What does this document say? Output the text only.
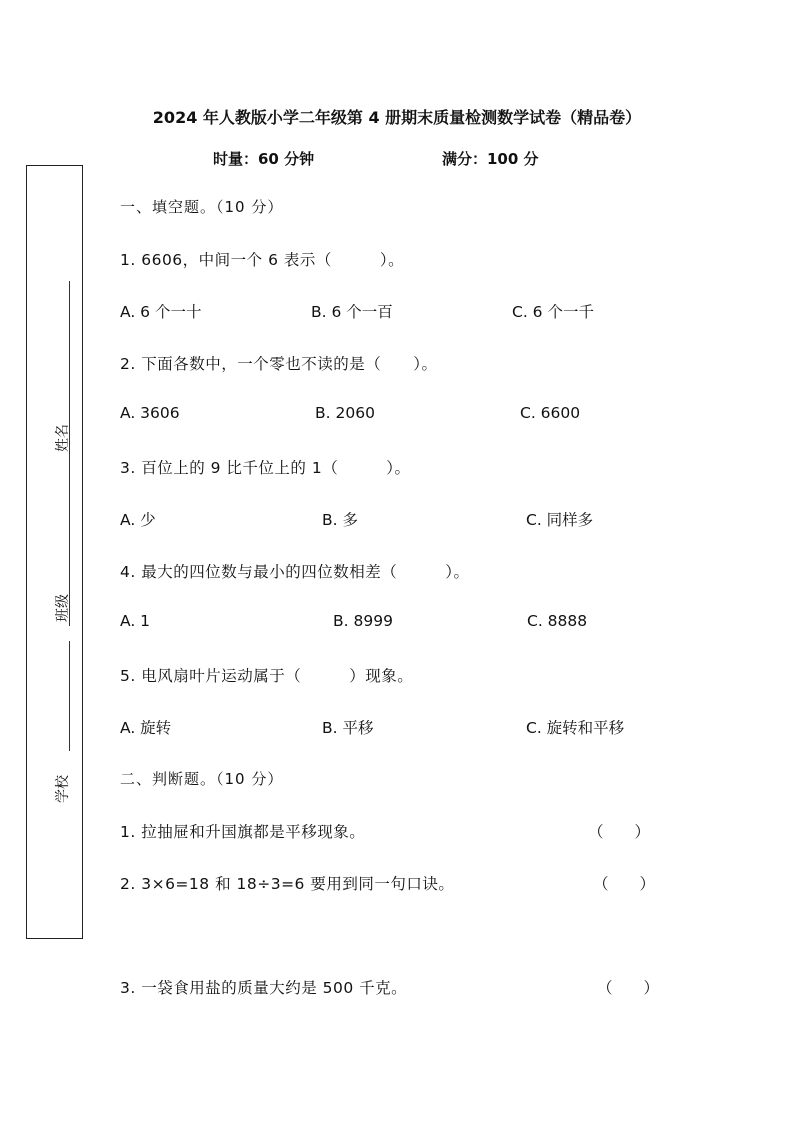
2024 年人教版小学二年级第 4 册期末质量检测数学试卷（精品卷）
时量：60 分钟	满分：100 分
姓名
班级
学校
一、填空题。（10 分）
1. 6606，中间一个 6 表示（　　　）。
A. 6 个一十	B. 6 个一百	C. 6 个一千
2. 下面各数中，一个零也不读的是（　　）。
A. 3606	B. 2060	C. 6600
3. 百位上的 9 比千位上的 1（　　　）。
A. 少	B. 多	C. 同样多
4. 最大的四位数与最小的四位数相差（　　　）。
A. 1	B. 8999	C. 8888
5. 电风扇叶片运动属于（　　　）现象。
A. 旋转	B. 平移	C. 旋转和平移
二、判断题。（10 分）
1. 拉抽屉和升国旗都是平移现象。	（　　）
2. 3×6=18 和 18÷3=6 要用到同一句口诀。	（　　）
3. 一袋食用盐的质量大约是 500 千克。	（　　）
